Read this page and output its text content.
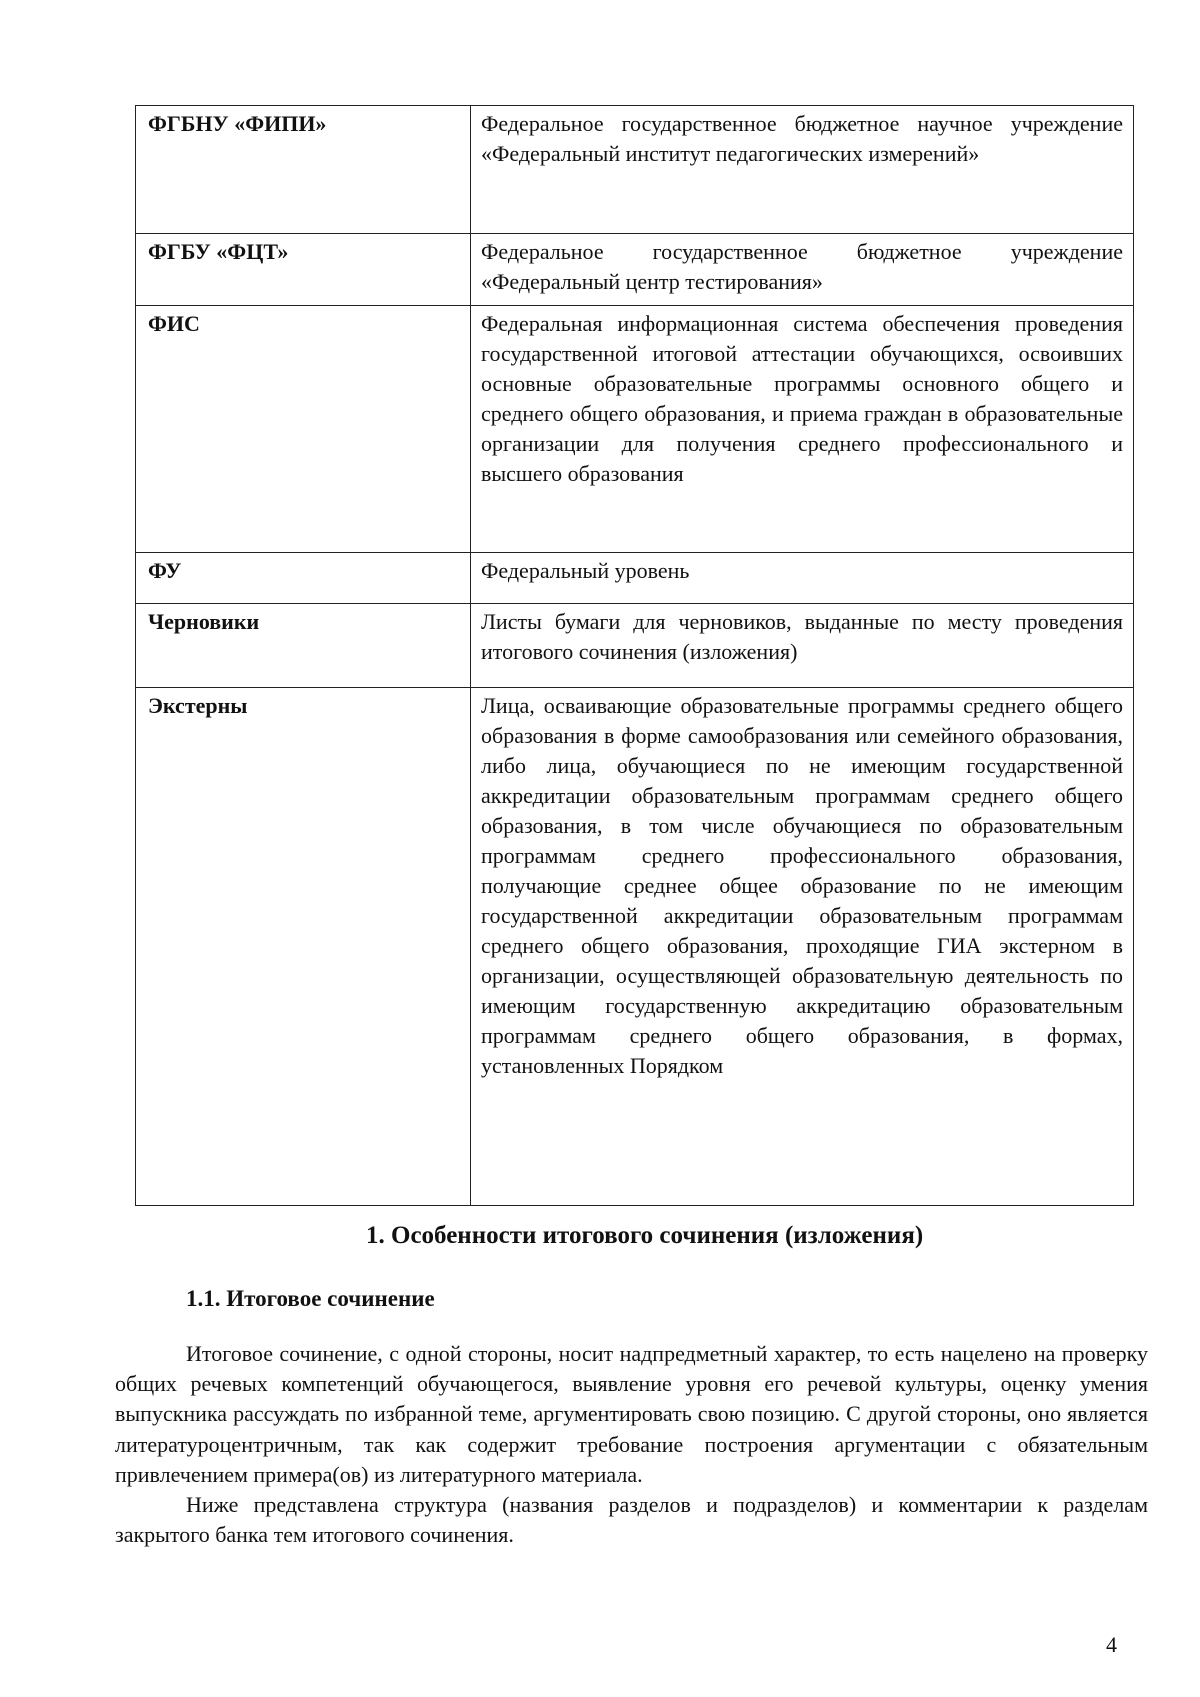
ФГБНУ «ФИПИ»	Федеральное государственное бюджетное научное учреждение «Федеральный институт педагогических измерений»
ФГБУ «ФЦТ»	Федеральное государственное бюджетное учреждение «Федеральный центр тестирования»
ФИС	Федеральная информационная система обеспечения проведения государственной итоговой аттестации обучающихся, освоивших основные образовательные программы основного общего и среднего общего образования, и приема граждан в образовательные организации для получения среднего профессионального и высшего образования
ФУ	Федеральный уровень
Черновики	Листы бумаги для черновиков, выданные по месту проведения итогового сочинения (изложения)
Экстерны	Лица, осваивающие образовательные программы среднего общего образования в форме самообразования или семейного образования, либо лица, обучающиеся по не имеющим государственной аккредитации образовательным программам среднего общего образования, в том числе обучающиеся по образовательным программам среднего профессионального образования, получающие среднее общее образование по не имеющим государственной аккредитации образовательным программам среднего общего образования, проходящие ГИА экстерном в организации, осуществляющей образовательную деятельность по имеющим государственную аккредитацию образовательным программам среднего общего образования, в формах, установленных Порядком
1. Особенности итогового сочинения (изложения)
1.1. Итоговое сочинение

Итоговое сочинение, с одной стороны, носит надпредметный характер, то есть нацелено на проверку общих речевых компетенций обучающегося, выявление уровня его речевой культуры, оценку умения выпускника рассуждать по избранной теме, аргументировать свою позицию. С другой стороны, оно является литературоцентричным, так как содержит требование построения аргументации с обязательным привлечением примера(ов) из литературного материала.

Ниже представлена структура (названия разделов и подразделов) и комментарии к разделам закрытого банка тем итогового сочинения.

4
